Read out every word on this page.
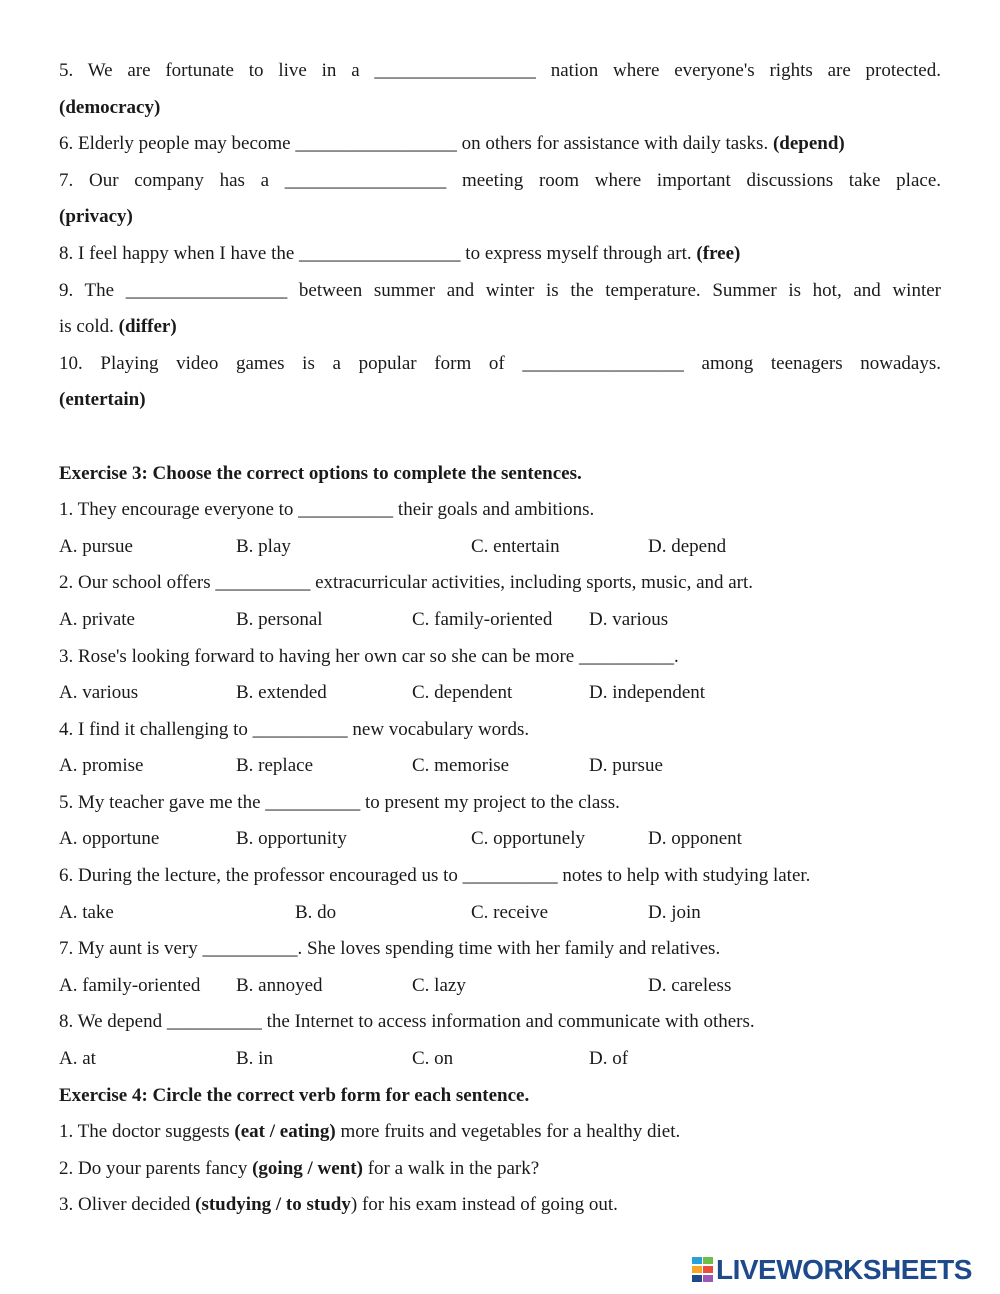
5. We are fortunate to live in a _________________ nation where everyone's rights are protected.
(democracy)
6. Elderly people may become _________________ on others for assistance with daily tasks. (depend)
7. Our company has a _________________ meeting room where important discussions take place.
(privacy)
8. I feel happy when I have the _________________ to express myself through art. (free)
9. The _________________ between summer and winter is the temperature. Summer is hot, and winter
is cold. (differ)
10. Playing video games is a popular form of _________________ among teenagers nowadays.
(entertain)
Exercise 3: Choose the correct options to complete the sentences.
1. They encourage everyone to __________ their goals and ambitions.
A. pursue	B. play	C. entertain	D. depend
2. Our school offers __________ extracurricular activities, including sports, music, and art.
A. private	B. personal	C. family-oriented D. various
3. Rose's looking forward to having her own car so she can be more __________.
A. various	B. extended	C. dependent	D. independent
4. I find it challenging to __________ new vocabulary words.
A. promise	B. replace	C. memorise	D. pursue
5. My teacher gave me the __________ to present my project to the class.
A. opportune	B. opportunity	C. opportunely	D. opponent
6. During the lecture, the professor encouraged us to __________ notes to help with studying later.
A. take	B. do	C. receive	D. join
7. My aunt is very __________. She loves spending time with her family and relatives.
A. family-oriented B. annoyed	C. lazy	D. careless
8. We depend __________ the Internet to access information and communicate with others.
A. at	B. in	C. on	D. of
Exercise 4: Circle the correct verb form for each sentence.
1. The doctor suggests (eat / eating) more fruits and vegetables for a healthy diet.
2. Do your parents fancy (going / went) for a walk in the park?
3. Oliver decided (studying / to study) for his exam instead of going out.
LIVEWORKSHEETS
